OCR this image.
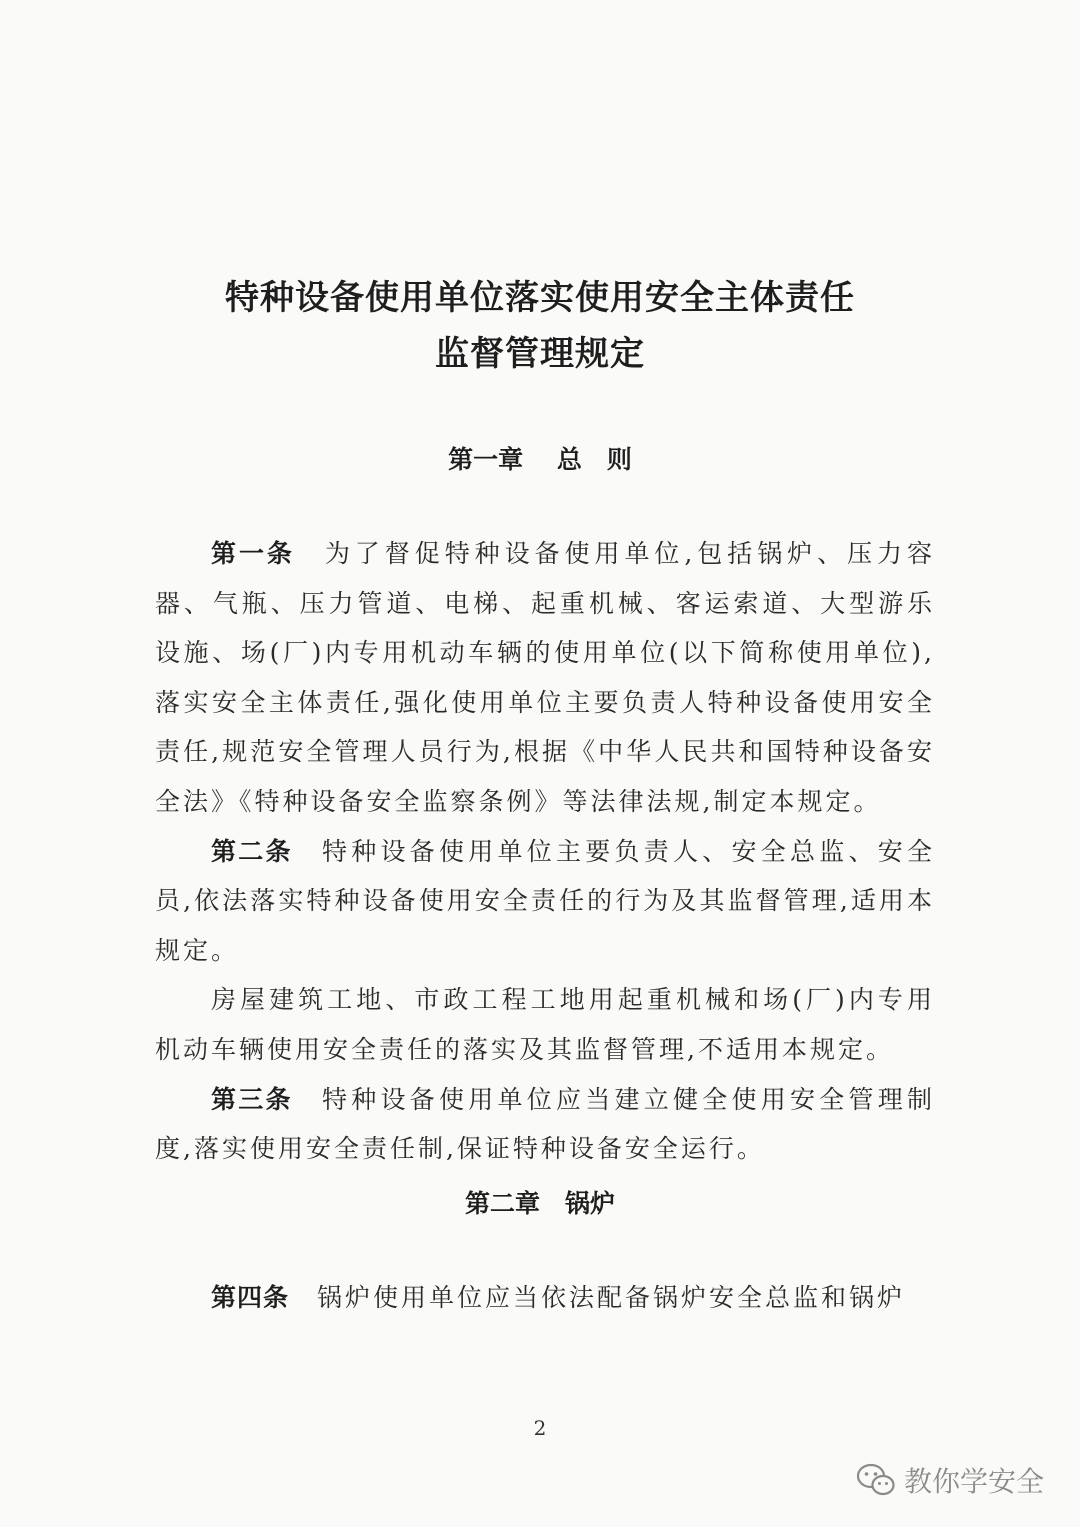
特种设备使用单位落实使用安全主体责任
监督管理规定
第一章　 总　则

第一条 为了督促特种设备使用单位,包括锅炉、压力容器、气瓶、压力管道、电梯、起重机械、客运索道、大型游乐设施、场(厂)内专用机动车辆的使用单位(以下简称使用单位),落实安全主体责任,强化使用单位主要负责人特种设备使用安全责任,规范安全管理人员行为,根据《中华人民共和国特种设备安全法》《特种设备安全监察条例》等法律法规,制定本规定。

第二条 特种设备使用单位主要负责人、安全总监、安全员,依法落实特种设备使用安全责任的行为及其监督管理,适用本规定。

房屋建筑工地、市政工程工地用起重机械和场(厂)内专用机动车辆使用安全责任的落实及其监督管理,不适用本规定。

第三条 特种设备使用单位应当建立健全使用安全管理制度,落实使用安全责任制,保证特种设备安全运行。

第二章　锅炉

第四条 锅炉使用单位应当依法配备锅炉安全总监和锅炉

2
教你学安全
